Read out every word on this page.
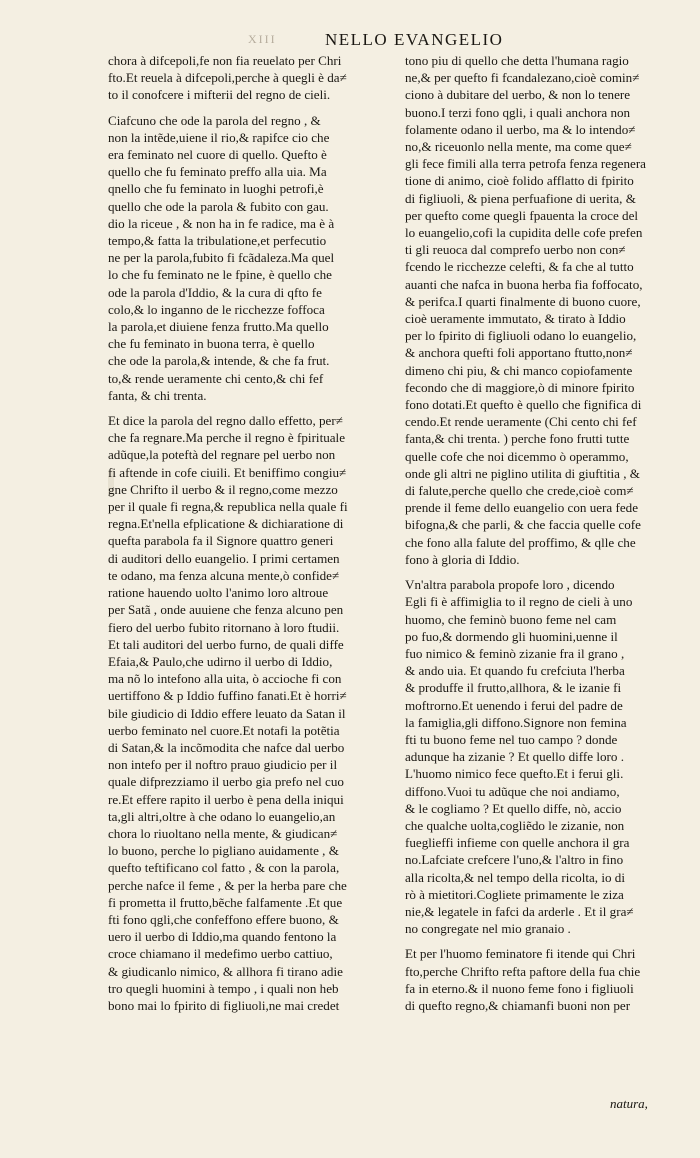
XIII	NELLO EVANGELIO
chora à difcepoli,fe non fia reuelato per Chri
fto.Et reuela à difcepoli,perche à quegli è da≠
to il conofcere i mifterii del regno de cieli.
Ciafcuno che ode la parola del regno , &
non la intẽde,uiene il rio,& rapifce cio che
era feminato nel cuore di quello. Quefto è
quello che fu feminato preffo alla uia. Ma
qnello che fu feminato in luoghi petrofi,è
quello che ode la parola & fubito con gau.
dio la riceue , & non ha in fe radice, ma è à
tempo,& fatta la tribulatione,et perfecutio
ne per la parola,fubito fi fcãdaleza.Ma quel
lo che fu feminato ne le fpine, è quello che
ode la parola d'Iddio, & la cura di qfto fe
colo,& lo inganno de le ricchezze foffoca
la parola,et diuiene fenza frutto.Ma quello
che fu feminato in buona terra, è quello
che ode la parola,& intende, & che fa frut.
to,& rende ueramente chi cento,& chi fef
fanta, & chi trenta.
Et dice la parola del regno dallo effetto, per≠
che fa regnare.Ma perche il regno è fpirituale
adũque,la poteftà del regnare pel uerbo non
fi aftende in cofe ciuili. Et beniffimo congiu≠
gne Chrifto il uerbo & il regno,come mezzo
per il quale fi regna,& republica nella quale fi
regna.Et'nella efplicatione & dichiaratione di
quefta parabola fa il Signore quattro generi
di auditori dello euangelio. I primi certamen
te odano, ma fenza alcuna mente,ò confide≠
ratione hauendo uolto l'animo loro altroue
per Satã , onde auuiene che fenza alcuno pen
fiero del uerbo fubito ritornano à loro ftudii.
Et tali auditori del uerbo furno, de quali diffe
Efaia,& Paulo,che udirno il uerbo di Iddio,
ma nõ lo intefono alla uita, ò accioche fi con
uertiffono & p Iddio fuffino fanati.Et è horri≠
bile giudicio di Iddio effere leuato da Satan il
uerbo feminato nel cuore.Et notafi la potẽtia
di Satan,& la incõmodita che nafce dal uerbo
non intefo per il noftro prauo giudicio per il
quale difprezziamo il uerbo gia prefo nel cuo
re.Et effere rapito il uerbo è pena della iniqui
ta,gli altri,oltre à che odano lo euangelio,an
chora lo riuoltano nella mente, & giudican≠
lo buono, perche lo pigliano auidamente , &
quefto teftificano col fatto , & con la parola,
perche nafce il feme , & per la herba pare che
fi prometta il frutto,bẽche falfamente .Et que
fti fono qgli,che confeffono effere buono, &
uero il uerbo di Iddio,ma quando fentono la
croce chiamano il medefimo uerbo cattiuo,
& giudicanlo nimico, & allhora fi tirano adie
tro quegli huomini à tempo , i quali non heb
bono mai lo fpirito di figliuoli,ne mai credet
tono piu di quello che detta l'humana ragio
ne,& per quefto fi fcandalezano,cioè comin≠
ciono à dubitare del uerbo, & non lo tenere
buono.I terzi fono qgli, i quali anchora non
folamente odano il uerbo, ma & lo intendo≠
no,& riceuonlo nella mente, ma come que≠
gli fece fimili alla terra petrofa fenza regenera
tione di animo, cioè folido afflatto di fpirito
di figliuoli, & piena perfuafione di uerita, &
per quefto come quegli fpauenta la croce del
lo euangelio,cofi la cupidita delle cofe prefen
ti gli reuoca dal comprefo uerbo non con≠
fcendo le ricchezze celefti, & fa che al tutto
auanti che nafca in buona herba fia foffocato,
& perifca.I quarti finalmente di buono cuore,
cioè ueramente immutato, & tirato à Iddio
per lo fpirito di figliuoli odano lo euangelio,
& anchora quefti foli apportano ftutto,non≠
dimeno chi piu, & chi manco copiofamente
fecondo che di maggiore,ò di minore fpirito
fono dotati.Et quefto è quello che fignifica di
cendo.Et rende ueramente (Chi cento chi fef
fanta,& chi trenta. ) perche fono frutti tutte
quelle cofe che noi dicemmo ò operammo,
onde gli altri ne piglino utilita di giuftitia , &
di falute,perche quello che crede,cioè com≠
prende il feme dello euangelio con uera fede
bifogna,& che parli, & che faccia quelle cofe
che fono alla falute del proffimo, & qlle che
fono à gloria di Iddio.
Vn'altra parabola propofe loro , dicendo
Egli fi è affimiglia to il regno de cieli à uno
huomo, che feminò buono feme nel cam
po fuo,& dormendo gli huomini,uenne il
fuo nimico & feminò zizanie fra il grano ,
& ando uia. Et quando fu crefciuta l'herba
& produffe il frutto,allhora, & le izanie fi
moftrorno.Et uenendo i ferui del padre de
la famiglia,gli diffono.Signore non femina
fti tu buono feme nel tuo campo ? donde
adunque ha zizanie ? Et quello diffe loro .
L'huomo nimico fece quefto.Et i ferui gli.
diffono.Vuoi tu adũque che noi andiamo,
& le cogliamo ? Et quello diffe, nò, accio
che qualche uolta,cogliẽdo le zizanie, non
fueglieffi infieme con quelle anchora il gra
no.Lafciate crefcere l'uno,& l'altro in fino
alla ricolta,& nel tempo della ricolta, io di
rò à mietitori.Cogliete primamente le ziza
nie,& legatele in fafci da arderle . Et il gra≠
no congregate nel mio granaio .
Et per l'huomo feminatore fi itende qui Chri
fto,perche Chrifto refta paftore della fua chie
fa in eterno.& il nuono feme fono i figliuoli
di quefto regno,& chiamanfi buoni non per
natura,
